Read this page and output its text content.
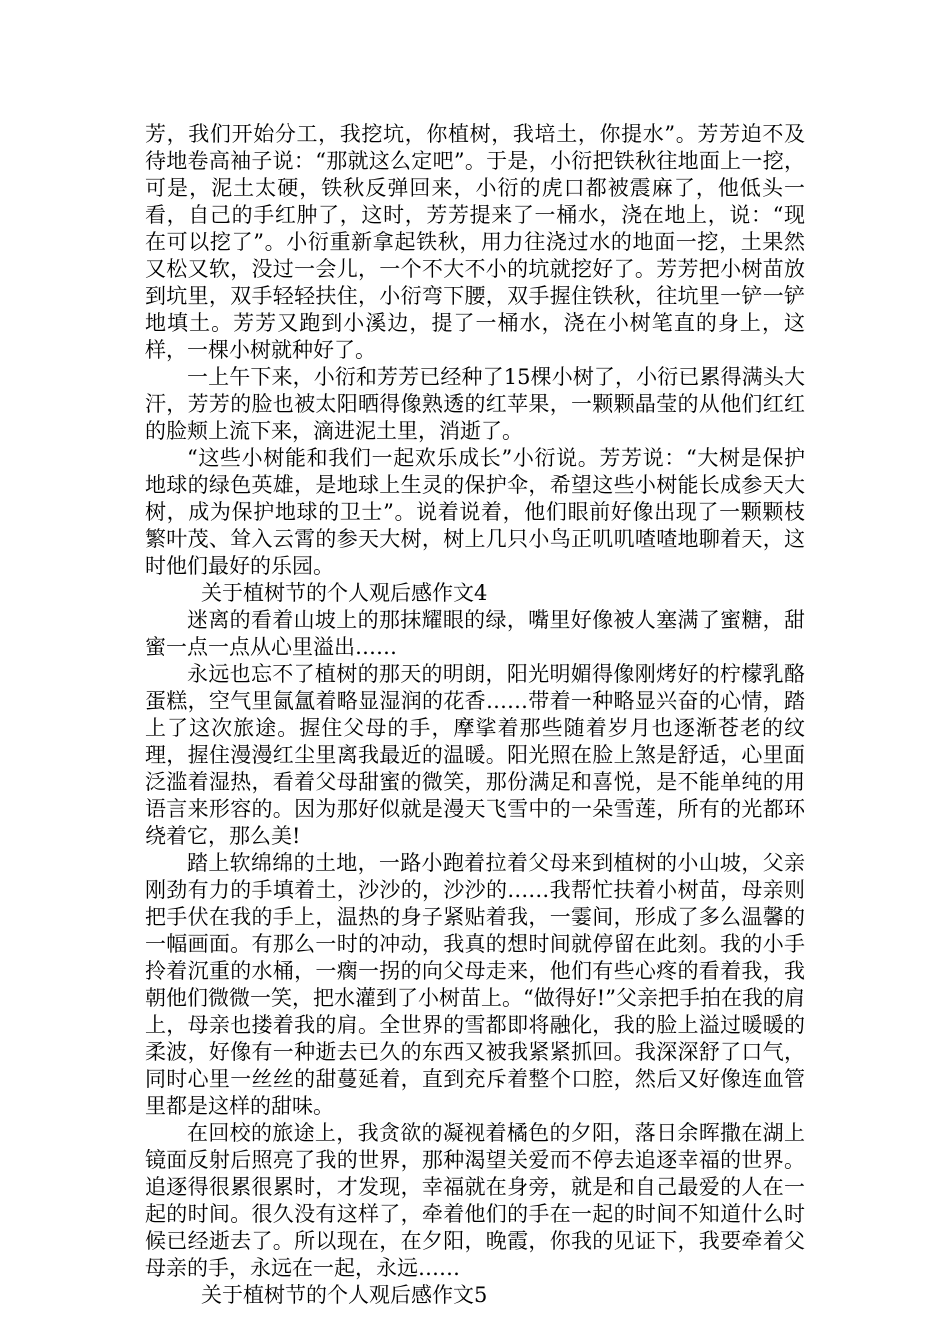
芳，我们开始分工，我挖坑，你植树，我培土，你提水”。芳芳迫不及待地卷高袖子说：“那就这么定吧”。于是，小衍把铁秋往地面上一挖，可是，泥土太硬，铁秋反弹回来，小衍的虎口都被震麻了，他低头一看，自己的手红肿了，这时，芳芳提来了一桶水，浇在地上，说：“现在可以挖了”。小衍重新拿起铁秋，用力往浇过水的地面一挖，土果然又松又软，没过一会儿，一个不大不小的坑就挖好了。芳芳把小树苗放到坑里，双手轻轻扶住，小衍弯下腰，双手握住铁秋，往坑里一铲一铲地填土。芳芳又跑到小溪边，提了一桶水，浇在小树笔直的身上，这样，一棵小树就种好了。

一上午下来，小衍和芳芳已经种了15棵小树了，小衍已累得满头大汗，芳芳的脸也被太阳晒得像熟透的红苹果，一颗颗晶莹的从他们红红的脸颊上流下来，滴进泥土里，消逝了。

“这些小树能和我们一起欢乐成长”小衍说。芳芳说：“大树是保护地球的绿色英雄，是地球上生灵的保护伞，希望这些小树能长成参天大树，成为保护地球的卫士”。说着说着，他们眼前好像出现了一颗颗枝繁叶茂、耸入云霄的参天大树，树上几只小鸟正叽叽喳喳地聊着天，这时他们最好的乐园。

关于植树节的个人观后感作文4

迷离的看着山坡上的那抹耀眼的绿，嘴里好像被人塞满了蜜糖，甜蜜一点一点从心里溢出……

永远也忘不了植树的那天的明朗，阳光明媚得像刚烤好的柠檬乳酪蛋糕，空气里氤氲着略显湿润的花香……带着一种略显兴奋的心情，踏上了这次旅途。握住父母的手，摩挲着那些随着岁月也逐渐苍老的纹理，握住漫漫红尘里离我最近的温暖。阳光照在脸上煞是舒适，心里面泛滥着湿热，看着父母甜蜜的微笑，那份满足和喜悦，是不能单纯的用语言来形容的。因为那好似就是漫天飞雪中的一朵雪莲，所有的光都环绕着它，那么美!

踏上软绵绵的土地，一路小跑着拉着父母来到植树的小山坡，父亲刚劲有力的手填着土，沙沙的，沙沙的……我帮忙扶着小树苗，母亲则把手伏在我的手上，温热的身子紧贴着我，一霎间，形成了多么温馨的一幅画面。有那么一时的冲动，我真的想时间就停留在此刻。我的小手拎着沉重的水桶，一瘸一拐的向父母走来，他们有些心疼的看着我，我朝他们微微一笑，把水灌到了小树苗上。“做得好!”父亲把手拍在我的肩上，母亲也搂着我的肩。全世界的雪都即将融化，我的脸上溢过暖暖的柔波，好像有一种逝去已久的东西又被我紧紧抓回。我深深舒了口气，同时心里一丝丝的甜蔓延着，直到充斥着整个口腔，然后又好像连血管里都是这样的甜味。

在回校的旅途上，我贪欲的凝视着橘色的夕阳，落日余晖撒在湖上镜面反射后照亮了我的世界，那种渴望关爱而不停去追逐幸福的世界。追逐得很累很累时，才发现，幸福就在身旁，就是和自己最爱的人在一起的时间。很久没有这样了，牵着他们的手在一起的时间不知道什么时候已经逝去了。所以现在，在夕阳，晚霞，你我的见证下，我要牵着父母亲的手，永远在一起，永远……

关于植树节的个人观后感作文5
